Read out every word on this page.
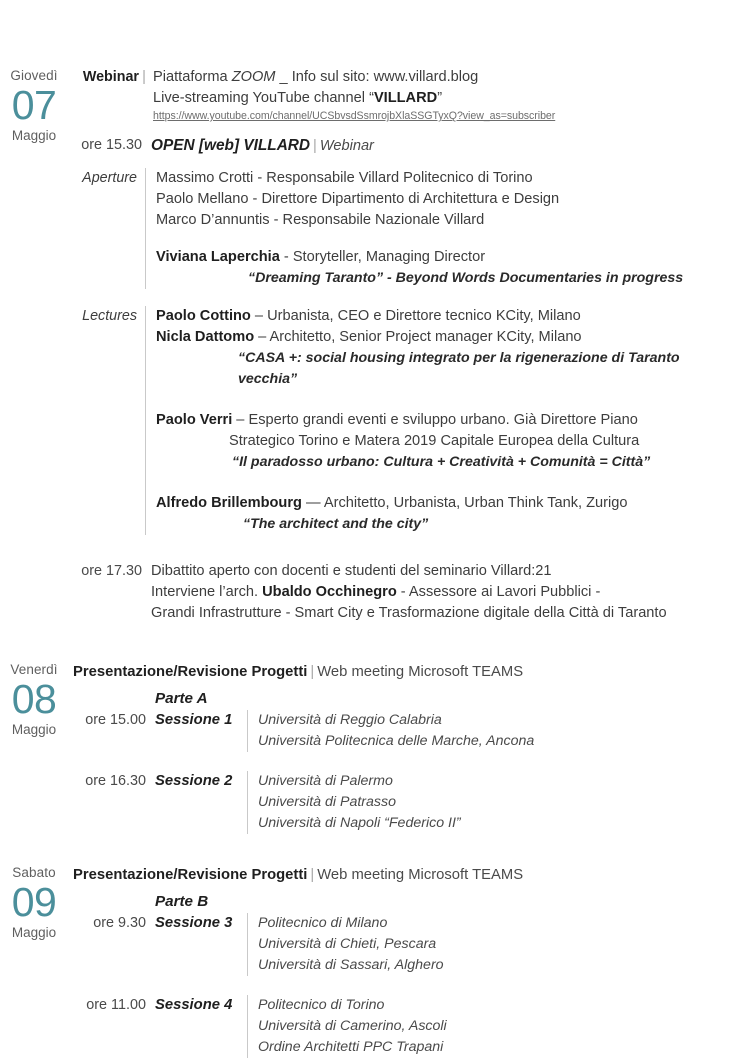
Giovedì
07
Maggio
Webinar | Piattaforma ZOOM _ Info sul sito: www.villard.blog
Live-streaming YouTube channel “VILLARD”
https://www.youtube.com/channel/UCSbvsdSsmrojbXlaSSGTyxQ?view_as=subscriber
ore 15.30 OPEN [web] VILLARD | Webinar
Aperture	Massimo Crotti - Responsabile Villard Politecnico di Torino
Paolo Mellano - Direttore Dipartimento di Architettura e Design
Marco D’annuntis - Responsabile Nazionale Villard
Viviana Laperchia - Storyteller, Managing Director
“Dreaming Taranto” - Beyond Words Documentaries in progress
Lectures	Paolo Cottino – Urbanista, CEO e Direttore tecnico KCity, Milano
Nicla Dattomo – Architetto, Senior Project manager KCity, Milano
“CASA +: social housing integrato per la rigenerazione di Taranto vecchia”
Paolo Verri – Esperto grandi eventi e sviluppo urbano. Già Direttore Piano
Strategico Torino e Matera 2019 Capitale Europea della Cultura
“Il paradosso urbano: Cultura + Creatività + Comunità = Città”
Alfredo Brillembourg — Architetto, Urbanista, Urban Think Tank, Zurigo
“The architect and the city”
ore 17.30 Dibattito aperto con docenti e studenti del seminario Villard:21
Interviene l’arch. Ubaldo Occhinegro - Assessore ai Lavori Pubblici -
Grandi Infrastrutture - Smart City e Trasformazione digitale della Città di Taranto
Venerdì
08
Maggio
Presentazione/Revisione Progetti | Web meeting Microsoft TEAMS
Parte A
ore 15.00 Sessione 1	Università di Reggio Calabria
Università Politecnica delle Marche, Ancona
ore 16.30 Sessione 2	Università di Palermo
Università di Patrasso
Università di Napoli “Federico II”
Sabato
09
Maggio
Presentazione/Revisione Progetti | Web meeting Microsoft TEAMS
Parte B
ore 9.30 Sessione 3	Politecnico di Milano
Università di Chieti, Pescara
Università di Sassari, Alghero
ore 11.00 Sessione 4	Politecnico di Torino
Università di Camerino, Ascoli
Ordine Architetti PPC Trapani
